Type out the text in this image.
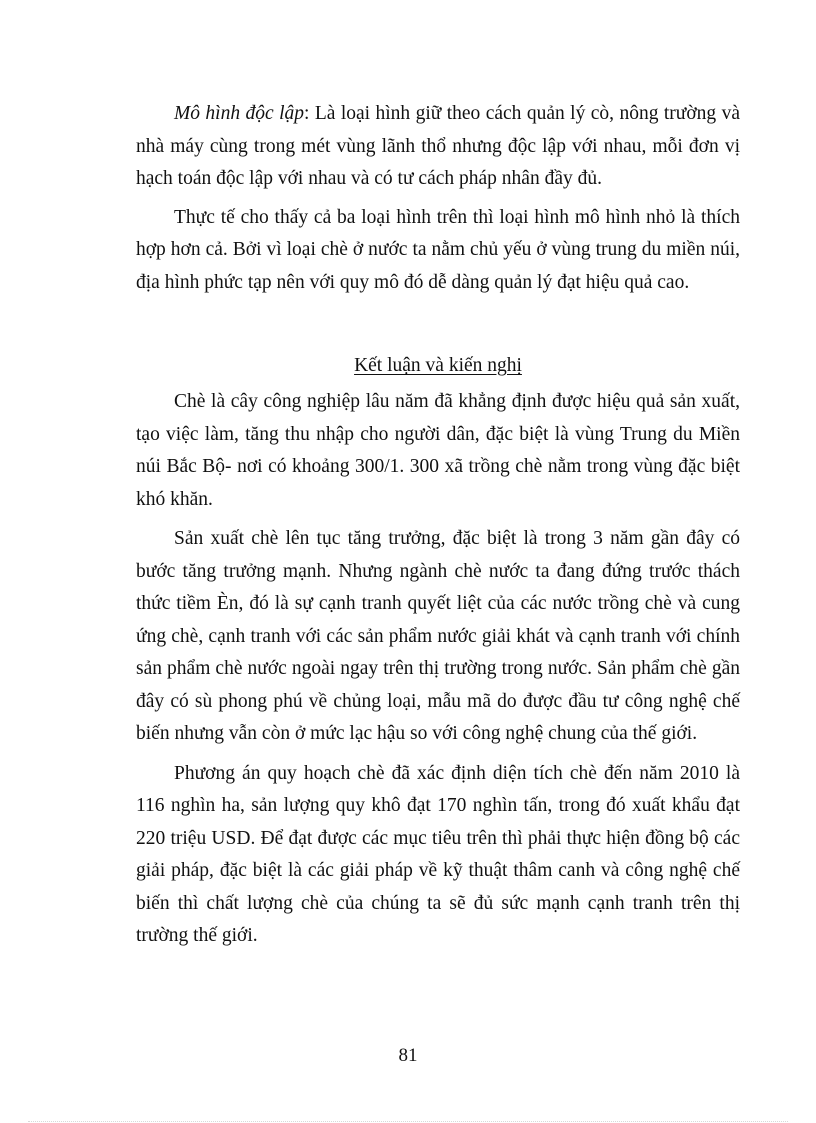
Mô hình độc lập: Là loại hình giữ theo cách quản lý cò, nông trường và nhà máy cùng trong mét vùng lãnh thổ nhưng độc lập với nhau, mỗi đơn vị hạch toán độc lập với nhau và có tư cách pháp nhân đầy đủ.

Thực tế cho thấy cả ba loại hình trên thì loại hình mô hình nhỏ là thích hợp hơn cả. Bởi vì loại chè ở nước ta nằm chủ yếu ở vùng trung du miền núi, địa hình phức tạp nên với quy mô đó dễ dàng quản lý đạt hiệu quả cao.

Kết luận và kiến nghị

Chè là cây công nghiệp lâu năm đã khẳng định được hiệu quả sản xuất, tạo việc làm, tăng thu nhập cho người dân, đặc biệt là vùng Trung du Miền núi Bắc Bộ- nơi có khoảng 300/1. 300 xã trồng chè nằm trong vùng đặc biệt khó khăn.

Sản xuất chè lên tục tăng trưởng, đặc biệt là trong 3 năm gần đây có bước tăng trưởng mạnh. Nhưng ngành chè nước ta đang đứng trước thách thức tiềm Èn, đó là sự cạnh tranh quyết liệt của các nước trồng chè và cung ứng chè, cạnh tranh với các sản phẩm nước giải khát và cạnh tranh với chính sản phẩm chè nước ngoài ngay trên thị trường trong nước. Sản phẩm chè gần đây có sù phong phú về chủng loại, mẫu mã do được đầu tư công nghệ chế biến nhưng vẫn còn ở mức lạc hậu so với công nghệ chung của thế giới.

Phương án quy hoạch chè đã xác định diện tích chè đến năm 2010 là 116 nghìn ha, sản lượng quy khô đạt 170 nghìn tấn, trong đó xuất khẩu đạt 220 triệu USD. Để đạt được các mục tiêu trên thì phải thực hiện đồng bộ các giải pháp, đặc biệt là các giải pháp về kỹ thuật thâm canh và công nghệ chế biến thì chất lượng chè của chúng ta sẽ đủ sức mạnh cạnh tranh trên thị trường thế giới.

81
